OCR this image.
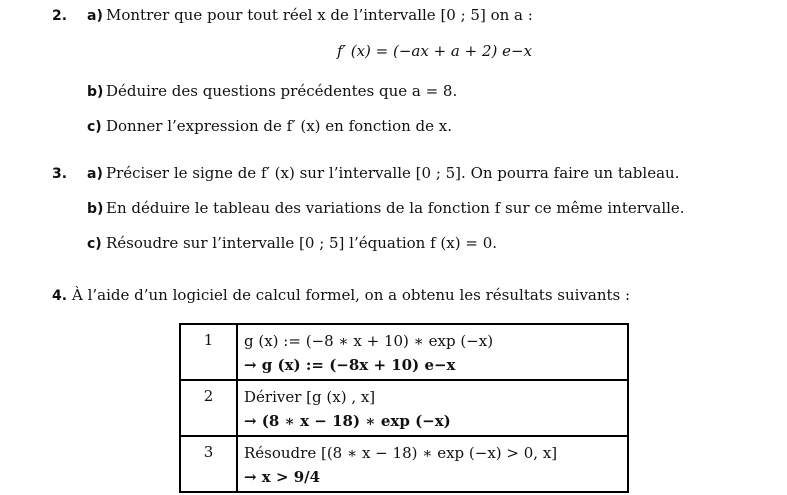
2. a) Montrer que pour tout réel x de l’intervalle [0 ; 5] on a :
f′ (x) = (−ax + a + 2) e−x
b) Déduire des questions précédentes que a = 8.
c) Donner l’expression de f′ (x) en fonction de x.
3. a) Préciser le signe de f′ (x) sur l’intervalle [0 ; 5]. On pourra faire un tableau.
b) En déduire le tableau des variations de la fonction f sur ce même intervalle.
c) Résoudre sur l’intervalle [0 ; 5] l’équation f (x) = 0.
4. À l’aide d’un logiciel de calcul formel, on a obtenu les résultats suivants :
1	g (x) := (−8 ∗ x + 10) ∗ exp (−x)
→ g (x) := (−8x + 10) e−x

2	Dériver [g (x) , x]
→ (8 ∗ x − 18) ∗ exp (−x)

3	Résoudre [(8 ∗ x − 18) ∗ exp (−x) > 0, x]
→ x > 9/4
